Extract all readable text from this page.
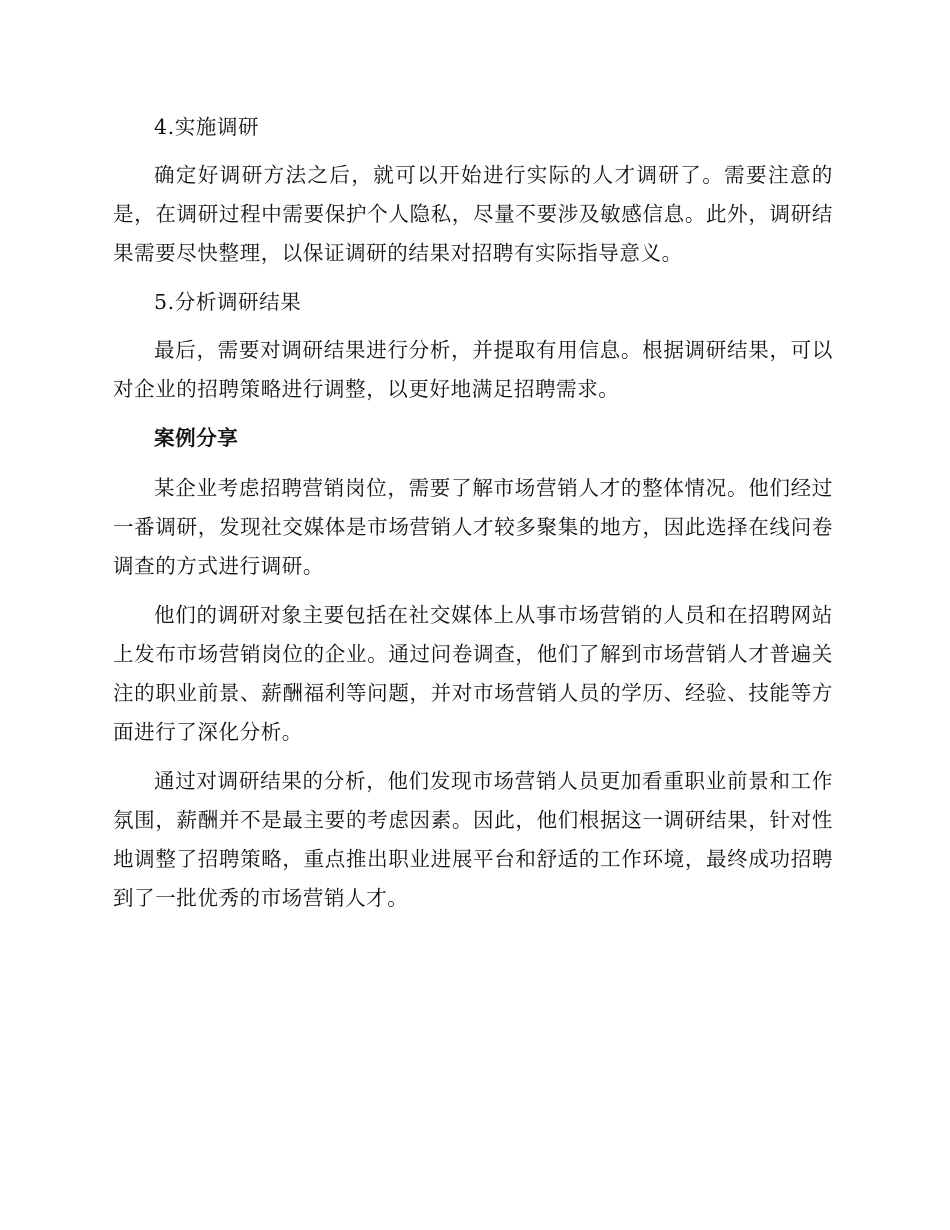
4.实施调研

确定好调研方法之后，就可以开始进行实际的人才调研了。需要注意的是，在调研过程中需要保护个人隐私，尽量不要涉及敏感信息。此外，调研结果需要尽快整理，以保证调研的结果对招聘有实际指导意义。

5.分析调研结果

最后，需要对调研结果进行分析，并提取有用信息。根据调研结果，可以对企业的招聘策略进行调整，以更好地满足招聘需求。

案例分享

某企业考虑招聘营销岗位，需要了解市场营销人才的整体情况。他们经过一番调研，发现社交媒体是市场营销人才较多聚集的地方，因此选择在线问卷调查的方式进行调研。

他们的调研对象主要包括在社交媒体上从事市场营销的人员和在招聘网站上发布市场营销岗位的企业。通过问卷调查，他们了解到市场营销人才普遍关注的职业前景、薪酬福利等问题，并对市场营销人员的学历、经验、技能等方面进行了深化分析。

通过对调研结果的分析，他们发现市场营销人员更加看重职业前景和工作氛围，薪酬并不是最主要的考虑因素。因此，他们根据这一调研结果，针对性地调整了招聘策略，重点推出职业进展平台和舒适的工作环境，最终成功招聘到了一批优秀的市场营销人才。
